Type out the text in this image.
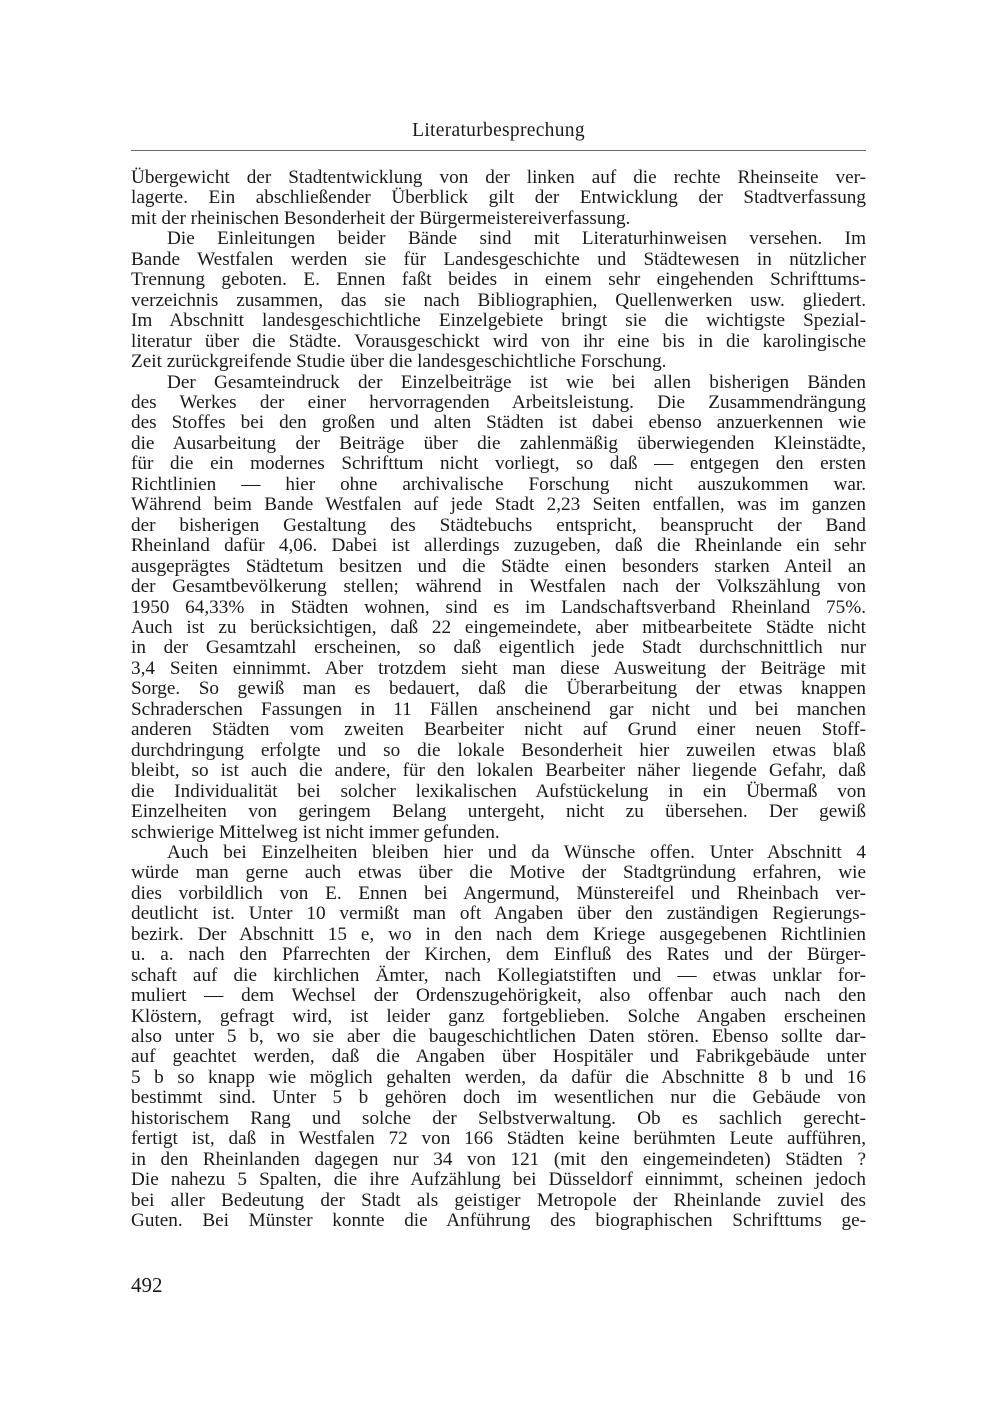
Literaturbesprechung
Übergewicht der Stadtentwicklung von der linken auf die rechte Rheinseite ver-
lagerte. Ein abschließender Überblick gilt der Entwicklung der Stadtverfassung
mit der rheinischen Besonderheit der Bürgermeistereiverfassung.
Die Einleitungen beider Bände sind mit Literaturhinweisen versehen. Im
Bande Westfalen werden sie für Landesgeschichte und Städtewesen in nützlicher
Trennung geboten. E. Ennen faßt beides in einem sehr eingehenden Schrifttums-
verzeichnis zusammen, das sie nach Bibliographien, Quellenwerken usw. gliedert.
Im Abschnitt landesgeschichtliche Einzelgebiete bringt sie die wichtigste Spezial-
literatur über die Städte. Vorausgeschickt wird von ihr eine bis in die karolingische
Zeit zurückgreifende Studie über die landesgeschichtliche Forschung.
Der Gesamteindruck der Einzelbeiträge ist wie bei allen bisherigen Bänden
des Werkes der einer hervorragenden Arbeitsleistung. Die Zusammendrängung
des Stoffes bei den großen und alten Städten ist dabei ebenso anzuerkennen wie
die Ausarbeitung der Beiträge über die zahlenmäßig überwiegenden Kleinstädte,
für die ein modernes Schrifttum nicht vorliegt, so daß — entgegen den ersten
Richtlinien — hier ohne archivalische Forschung nicht auszukommen war.
Während beim Bande Westfalen auf jede Stadt 2,23 Seiten entfallen, was im ganzen
der bisherigen Gestaltung des Städtebuchs entspricht, beansprucht der Band
Rheinland dafür 4,06. Dabei ist allerdings zuzugeben, daß die Rheinlande ein sehr
ausgeprägtes Städtetum besitzen und die Städte einen besonders starken Anteil an
der Gesamtbevölkerung stellen; während in Westfalen nach der Volkszählung von
1950 64,33% in Städten wohnen, sind es im Landschaftsverband Rheinland 75%.
Auch ist zu berücksichtigen, daß 22 eingemeindete, aber mitbearbeitete Städte nicht
in der Gesamtzahl erscheinen, so daß eigentlich jede Stadt durchschnittlich nur
3,4 Seiten einnimmt. Aber trotzdem sieht man diese Ausweitung der Beiträge mit
Sorge. So gewiß man es bedauert, daß die Überarbeitung der etwas knappen
Schraderschen Fassungen in 11 Fällen anscheinend gar nicht und bei manchen
anderen Städten vom zweiten Bearbeiter nicht auf Grund einer neuen Stoff-
durchdringung erfolgte und so die lokale Besonderheit hier zuweilen etwas blaß
bleibt, so ist auch die andere, für den lokalen Bearbeiter näher liegende Gefahr, daß
die Individualität bei solcher lexikalischen Aufstückelung in ein Übermaß von
Einzelheiten von geringem Belang untergeht, nicht zu übersehen. Der gewiß
schwierige Mittelweg ist nicht immer gefunden.
Auch bei Einzelheiten bleiben hier und da Wünsche offen. Unter Abschnitt 4
würde man gerne auch etwas über die Motive der Stadtgründung erfahren, wie
dies vorbildlich von E. Ennen bei Angermund, Münstereifel und Rheinbach ver-
deutlicht ist. Unter 10 vermißt man oft Angaben über den zuständigen Regierungs-
bezirk. Der Abschnitt 15 e, wo in den nach dem Kriege ausgegebenen Richtlinien
u. a. nach den Pfarrechten der Kirchen, dem Einfluß des Rates und der Bürger-
schaft auf die kirchlichen Ämter, nach Kollegiatstiften und — etwas unklar for-
muliert — dem Wechsel der Ordenszugehörigkeit, also offenbar auch nach den
Klöstern, gefragt wird, ist leider ganz fortgeblieben. Solche Angaben erscheinen
also unter 5 b, wo sie aber die baugeschichtlichen Daten stören. Ebenso sollte dar-
auf geachtet werden, daß die Angaben über Hospitäler und Fabrikgebäude unter
5 b so knapp wie möglich gehalten werden, da dafür die Abschnitte 8 b und 16
bestimmt sind. Unter 5 b gehören doch im wesentlichen nur die Gebäude von
historischem Rang und solche der Selbstverwaltung. Ob es sachlich gerecht-
fertigt ist, daß in Westfalen 72 von 166 Städten keine berühmten Leute aufführen,
in den Rheinlanden dagegen nur 34 von 121 (mit den eingemeindeten) Städten ?
Die nahezu 5 Spalten, die ihre Aufzählung bei Düsseldorf einnimmt, scheinen jedoch
bei aller Bedeutung der Stadt als geistiger Metropole der Rheinlande zuviel des
Guten. Bei Münster konnte die Anführung des biographischen Schrifttums ge-
492
